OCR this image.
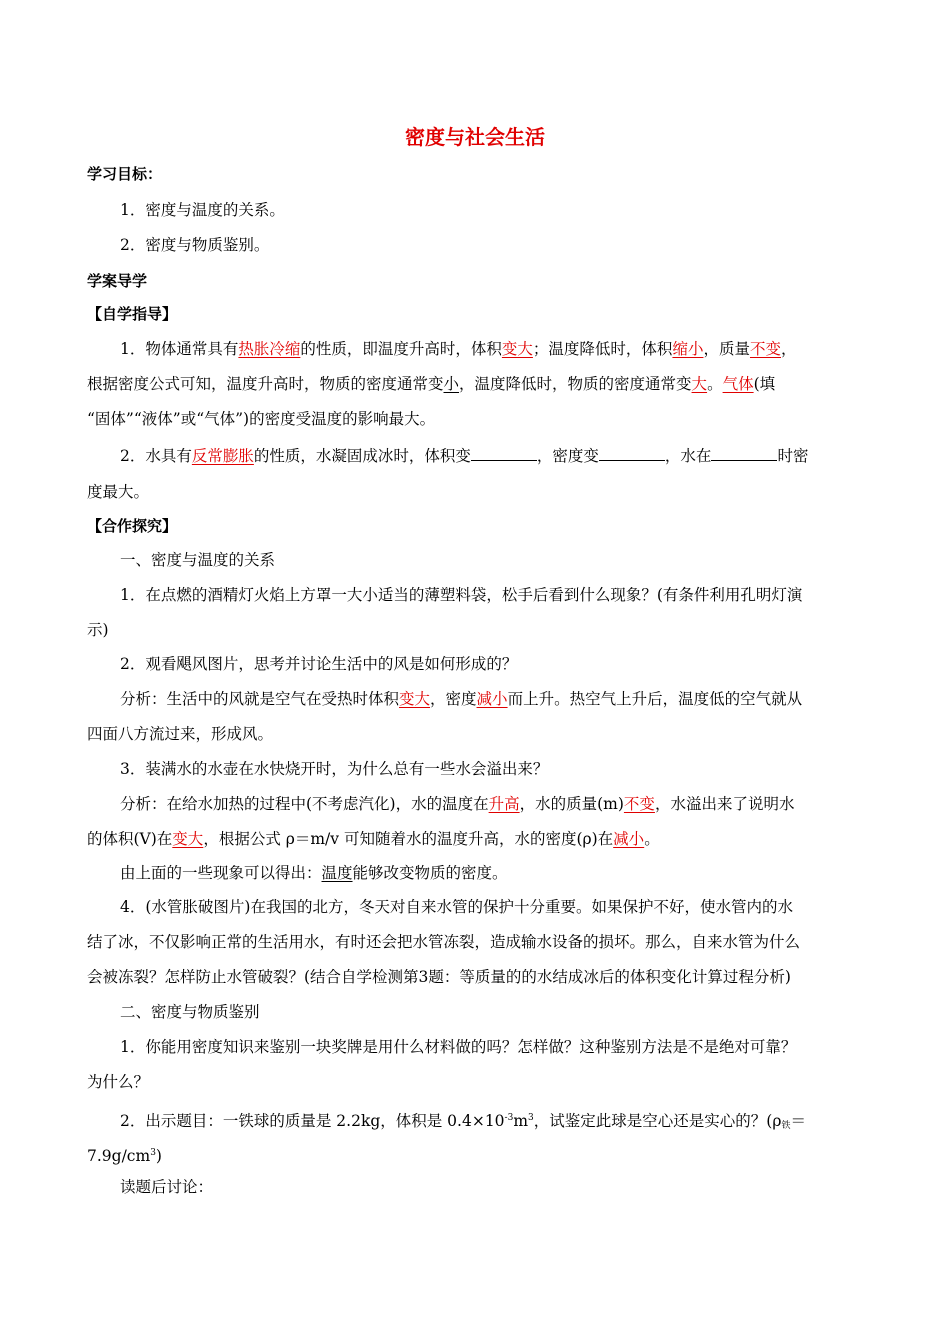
密度与社会生活
学习目标：
1．密度与温度的关系。
2．密度与物质鉴别。
学案导学
【自学指导】
1．物体通常具有热胀冷缩的性质，即温度升高时，体积变大；温度降低时，体积缩小，质量不变，
根据密度公式可知，温度升高时，物质的密度通常变小，温度降低时，物质的密度通常变大。气体(填
“固体”“液体”或“气体”)的密度受温度的影响最大。
2．水具有反常膨胀的性质，水凝固成冰时，体积变	，密度变	，水在	时密
度最大。
【合作探究】
一、密度与温度的关系
1．在点燃的酒精灯火焰上方罩一大小适当的薄塑料袋，松手后看到什么现象？(有条件利用孔明灯演
示)
2．观看飓风图片，思考并讨论生活中的风是如何形成的？
分析：生活中的风就是空气在受热时体积变大，密度减小而上升。热空气上升后，温度低的空气就从
四面八方流过来，形成风。
3．装满水的水壶在水快烧开时，为什么总有一些水会溢出来？
分析：在给水加热的过程中(不考虑汽化)，水的温度在升高，水的质量(m)不变，水溢出来了说明水
的体积(V)在变大，根据公式 ρ＝m/v 可知随着水的温度升高，水的密度(ρ)在减小。
由上面的一些现象可以得出：温度能够改变物质的密度。
4．(水管胀破图片)在我国的北方，冬天对自来水管的保护十分重要。如果保护不好，使水管内的水
结了冰，不仅影响正常的生活用水，有时还会把水管冻裂，造成输水设备的损坏。那么，自来水管为什么
会被冻裂？怎样防止水管破裂？(结合自学检测第3题：等质量的的水结成冰后的体积变化计算过程分析)
二、密度与物质鉴别
1．你能用密度知识来鉴别一块奖牌是用什么材料做的吗？怎样做？这种鉴别方法是不是绝对可靠？
为什么？
2．出示题目：一铁球的质量是 2.2kg，体积是 $0.4\times 10^{-3}m^3$，试鉴定此球是空心还是实心的？($\rho_铁=$
$7.9g/cm^3$)
读题后讨论：
